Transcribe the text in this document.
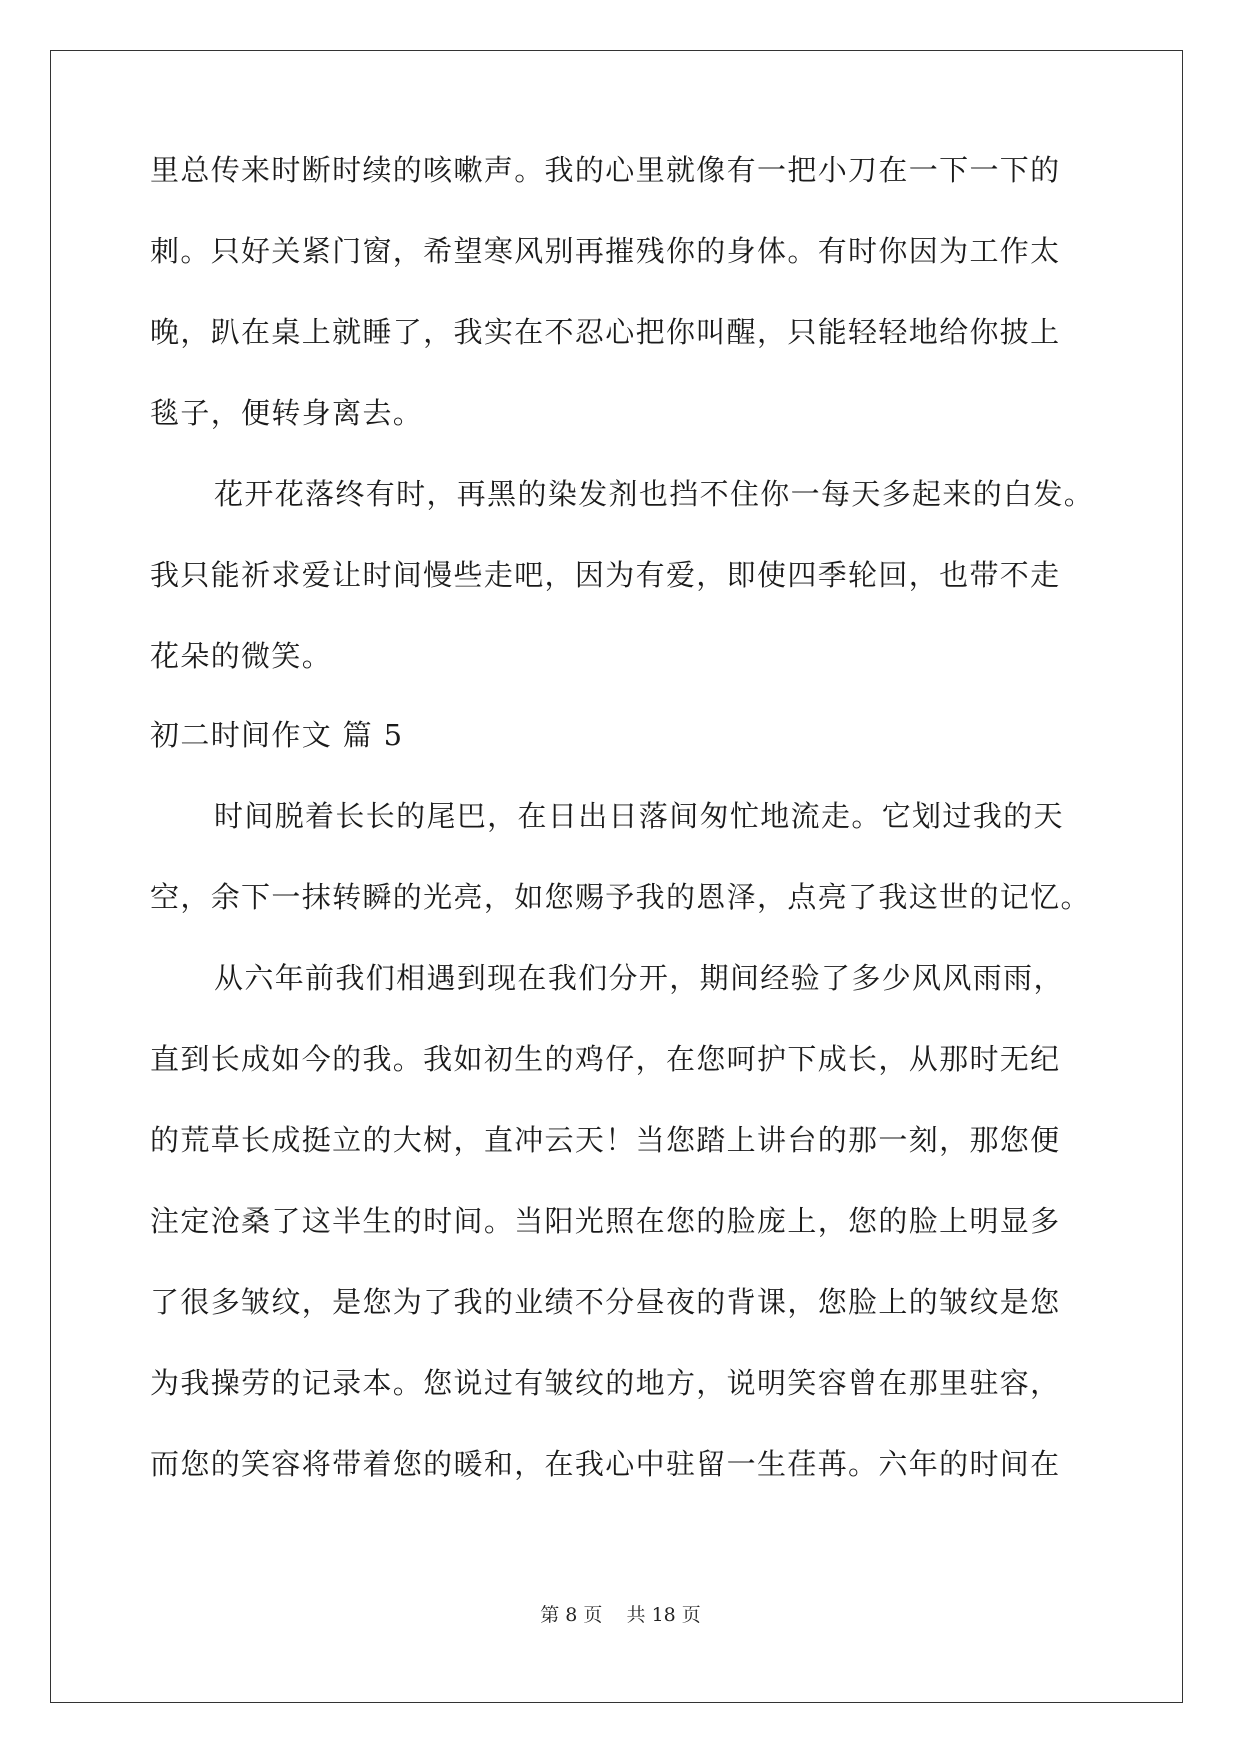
里总传来时断时续的咳嗽声。我的心里就像有一把小刀在一下一下的
刺。只好关紧门窗，希望寒风别再摧残你的身体。有时你因为工作太
晚，趴在桌上就睡了，我实在不忍心把你叫醒，只能轻轻地给你披上
毯子，便转身离去。
花开花落终有时，再黑的染发剂也挡不住你一每天多起来的白发。
我只能祈求爱让时间慢些走吧，因为有爱，即使四季轮回，也带不走
花朵的微笑。
初二时间作文 篇 5
时间脱着长长的尾巴，在日出日落间匆忙地流走。它划过我的天
空，余下一抹转瞬的光亮，如您赐予我的恩泽，点亮了我这世的记忆。
从六年前我们相遇到现在我们分开，期间经验了多少风风雨雨，
直到长成如今的我。我如初生的鸡仔，在您呵护下成长，从那时无纪
的荒草长成挺立的大树，直冲云天！当您踏上讲台的那一刻，那您便
注定沧桑了这半生的时间。当阳光照在您的脸庞上，您的脸上明显多
了很多皱纹，是您为了我的业绩不分昼夜的背课，您脸上的皱纹是您
为我操劳的记录本。您说过有皱纹的地方，说明笑容曾在那里驻容，
而您的笑容将带着您的暖和，在我心中驻留一生荏苒。六年的时间在
第 8 页    共 18 页
